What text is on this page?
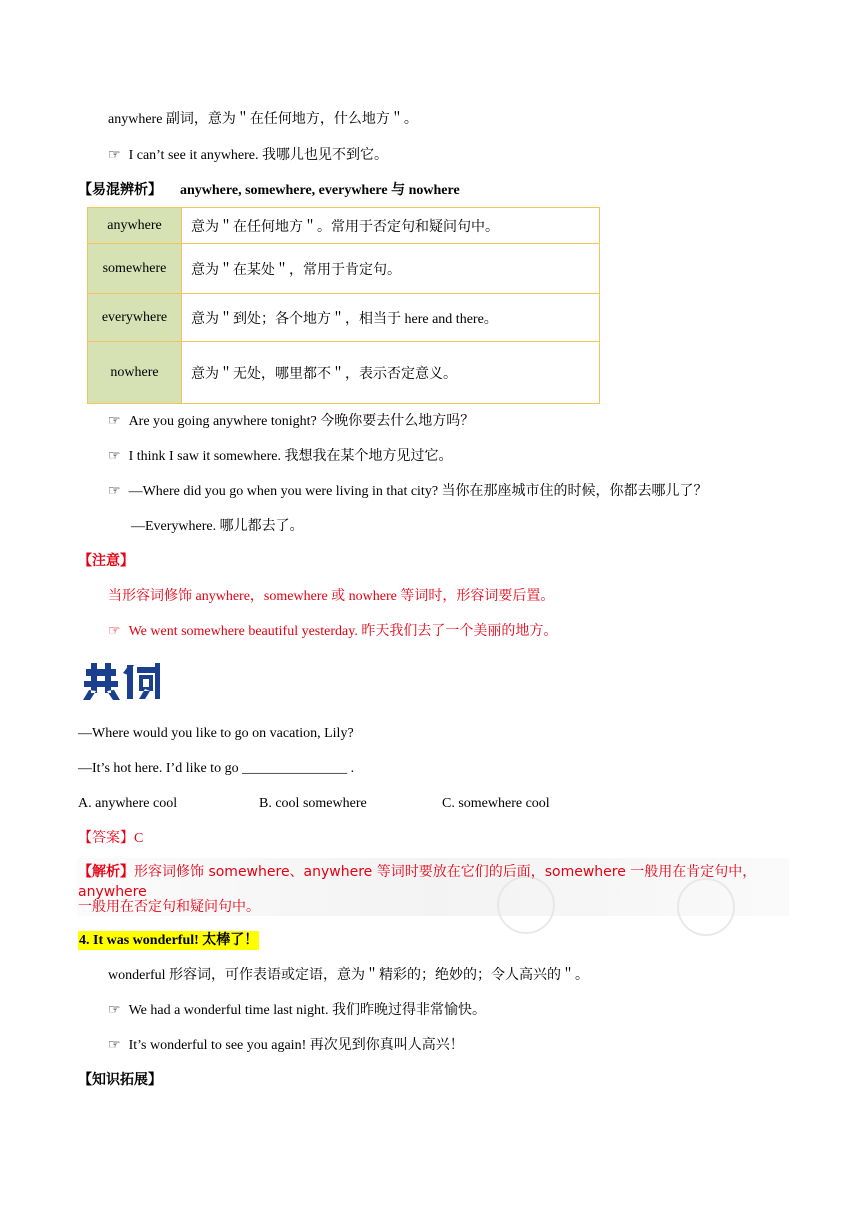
anywhere 副词，意为＂在任何地方，什么地方＂。
☞ I can’t see it anywhere. 我哪儿也见不到它。
【易混辨析】 anywhere, somewhere, everywhere 与 nowhere
anywhere	意为＂在任何地方＂。常用于否定句和疑问句中。
somewhere	意为＂在某处＂，常用于肯定句。
everywhere	意为＂到处；各个地方＂，相当于 here and there。
nowhere	意为＂无处，哪里都不＂，表示否定意义。
☞ Are you going anywhere tonight? 今晚你要去什么地方吗？
☞ I think I saw it somewhere. 我想我在某个地方见过它。
☞ —Where did you go when you were living in that city? 当你在那座城市住的时候，你都去哪儿了？
—Everywhere. 哪儿都去了。
【注意】
当形容词修饰 anywhere，somewhere 或 nowhere 等词时，形容词要后置。
☞ We went somewhere beautiful yesterday. 昨天我们去了一个美丽的地方。
典例
—Where would you like to go on vacation, Lily?
—It’s hot here. I’d like to go _______________ .
A. anywhere cool	B. cool somewhere	C. somewhere cool
【答案】C
【解析】形容词修饰 somewhere、anywhere 等词时要放在它们的后面，somewhere 一般用在肯定句中，anywhere
一般用在否定句和疑问句中。
4. It was wonderful! 太棒了！
wonderful 形容词，可作表语或定语，意为＂精彩的；绝妙的；令人高兴的＂。
☞ We had a wonderful time last night. 我们昨晚过得非常愉快。
☞ It’s wonderful to see you again! 再次见到你真叫人高兴！
【知识拓展】
